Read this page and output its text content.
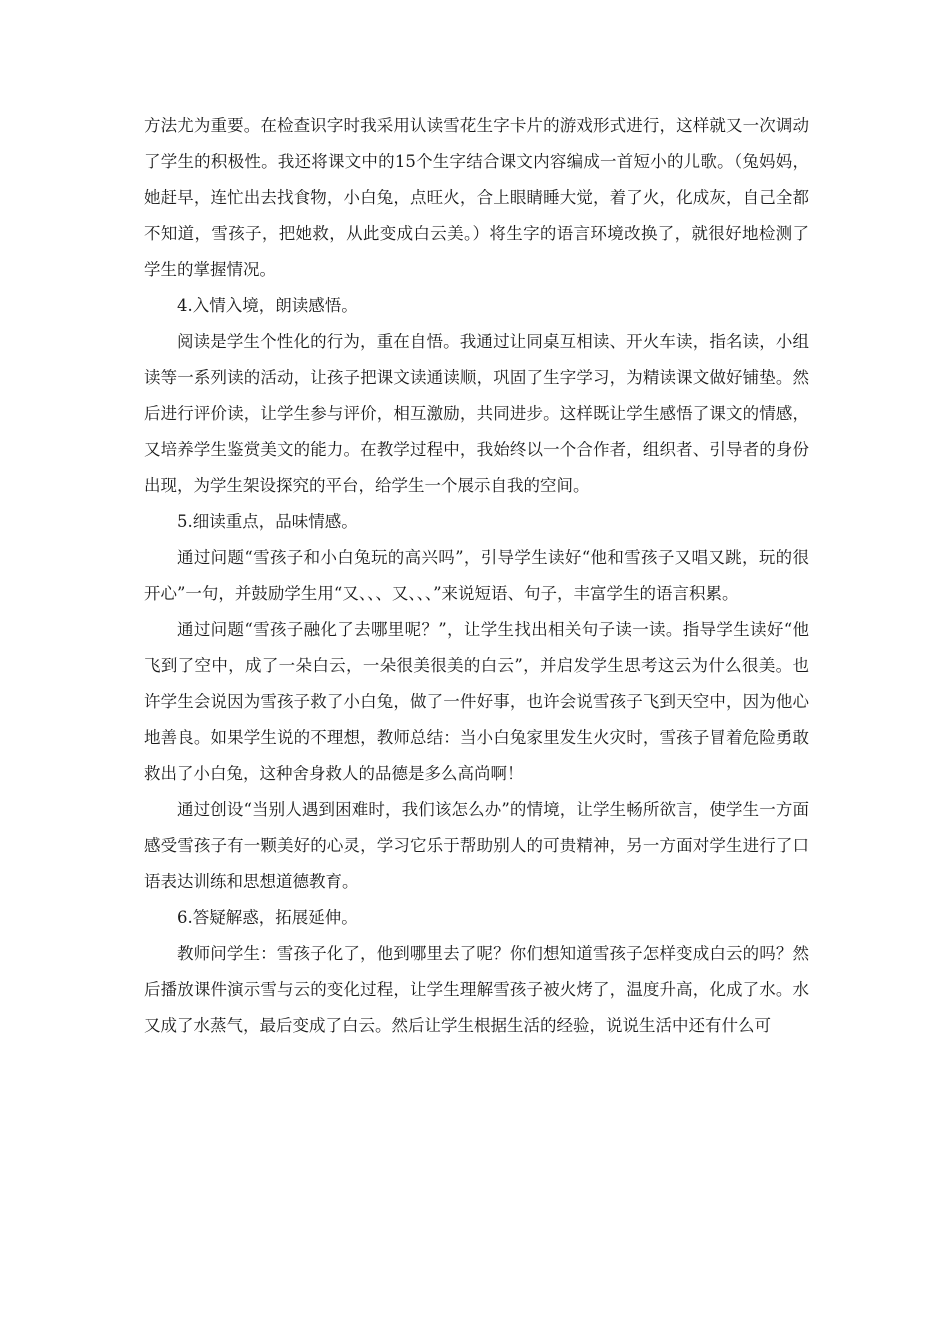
方法尤为重要。在检查识字时我采用认读雪花生字卡片的游戏形式进行，这样就又一次调动了学生的积极性。我还将课文中的15个生字结合课文内容编成一首短小的儿歌。（兔妈妈，她赶早，连忙出去找食物，小白兔，点旺火，合上眼睛睡大觉，着了火，化成灰，自己全都不知道，雪孩子，把她救，从此变成白云美。）将生字的语言环境改换了，就很好地检测了学生的掌握情况。

4.入情入境，朗读感悟。

阅读是学生个性化的行为，重在自悟。我通过让同桌互相读、开火车读，指名读，小组读等一系列读的活动，让孩子把课文读通读顺，巩固了生字学习，为精读课文做好铺垫。然后进行评价读，让学生参与评价，相互激励，共同进步。这样既让学生感悟了课文的情感，又培养学生鉴赏美文的能力。在教学过程中，我始终以一个合作者，组织者、引导者的身份出现，为学生架设探究的平台，给学生一个展示自我的空间。

5.细读重点，品味情感。

通过问题“雪孩子和小白兔玩的高兴吗”，引导学生读好“他和雪孩子又唱又跳，玩的很开心”一句，并鼓励学生用“又、、、又、、、”来说短语、句子，丰富学生的语言积累。

通过问题“雪孩子融化了去哪里呢？”，让学生找出相关句子读一读。指导学生读好“他飞到了空中，成了一朵白云，一朵很美很美的白云”，并启发学生思考这云为什么很美。也许学生会说因为雪孩子救了小白兔，做了一件好事，也许会说雪孩子飞到天空中，因为他心地善良。如果学生说的不理想，教师总结：当小白兔家里发生火灾时，雪孩子冒着危险勇敢救出了小白兔，这种舍身救人的品德是多么高尚啊！

通过创设“当别人遇到困难时，我们该怎么办”的情境，让学生畅所欲言，使学生一方面感受雪孩子有一颗美好的心灵，学习它乐于帮助别人的可贵精神，另一方面对学生进行了口语表达训练和思想道德教育。

6.答疑解惑，拓展延伸。

教师问学生：雪孩子化了，他到哪里去了呢？你们想知道雪孩子怎样变成白云的吗？然后播放课件演示雪与云的变化过程，让学生理解雪孩子被火烤了，温度升高，化成了水。水又成了水蒸气，最后变成了白云。然后让学生根据生活的经验，说说生活中还有什么可
